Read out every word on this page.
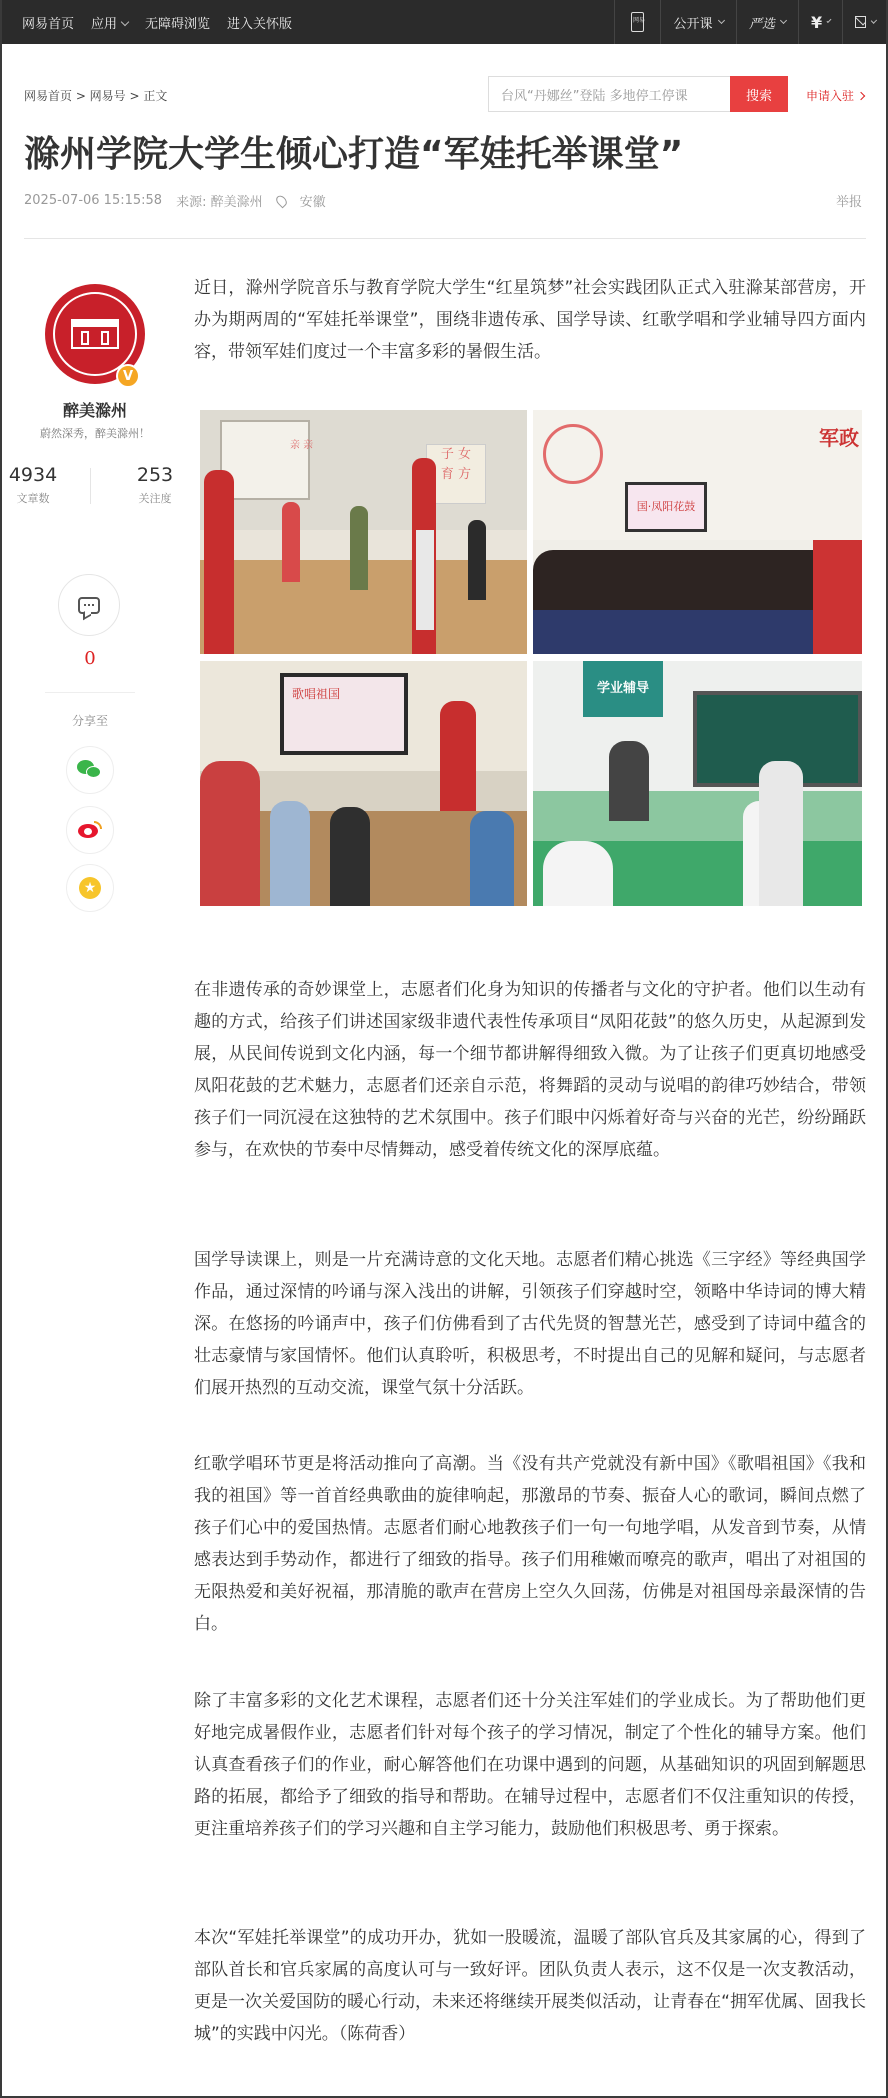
网易首页 应用	无障碍浏览 进入关怀版	网易 公开课	严选 ¥
网易首页 > 网易号 > 正文	台风“丹娜丝”登陆 多地停工停课	搜索	申请入驻
滁州学院大学生倾心打造“军娃托举课堂”
2025-07-06 15:15:58 来源: 醉美滁州	安徽	举报
V
醉美滁州
蔚然深秀，醉美滁州！
4934
文章数
253
关注度
0
分享至
★
子 女
育 方
亲 亲
国·凤阳花鼓
军政
歌唱祖国	学业辅导
近日，滁州学院音乐与教育学院大学生“红星筑梦”社会实践团队正式入驻滁某部营房，开办为期两周的“军娃托举课堂”，围绕非遗传承、国学导读、红歌学唱和学业辅导四方面内容，带领军娃们度过一个丰富多彩的暑假生活。
在非遗传承的奇妙课堂上，志愿者们化身为知识的传播者与文化的守护者。他们以生动有趣的方式，给孩子们讲述国家级非遗代表性传承项目“凤阳花鼓”的悠久历史，从起源到发展，从民间传说到文化内涵，每一个细节都讲解得细致入微。为了让孩子们更真切地感受凤阳花鼓的艺术魅力，志愿者们还亲自示范，将舞蹈的灵动与说唱的韵律巧妙结合，带领孩子们一同沉浸在这独特的艺术氛围中。孩子们眼中闪烁着好奇与兴奋的光芒，纷纷踊跃参与，在欢快的节奏中尽情舞动，感受着传统文化的深厚底蕴。
国学导读课上，则是一片充满诗意的文化天地。志愿者们精心挑选《三字经》等经典国学作品，通过深情的吟诵与深入浅出的讲解，引领孩子们穿越时空，领略中华诗词的博大精深。在悠扬的吟诵声中，孩子们仿佛看到了古代先贤的智慧光芒，感受到了诗词中蕴含的壮志豪情与家国情怀。他们认真聆听，积极思考，不时提出自己的见解和疑问，与志愿者们展开热烈的互动交流，课堂气氛十分活跃。
红歌学唱环节更是将活动推向了高潮。当《没有共产党就没有新中国》《歌唱祖国》《我和我的祖国》等一首首经典歌曲的旋律响起，那激昂的节奏、振奋人心的歌词，瞬间点燃了孩子们心中的爱国热情。志愿者们耐心地教孩子们一句一句地学唱，从发音到节奏，从情感表达到手势动作，都进行了细致的指导。孩子们用稚嫩而嘹亮的歌声，唱出了对祖国的无限热爱和美好祝福，那清脆的歌声在营房上空久久回荡，仿佛是对祖国母亲最深情的告白。
除了丰富多彩的文化艺术课程，志愿者们还十分关注军娃们的学业成长。为了帮助他们更好地完成暑假作业，志愿者们针对每个孩子的学习情况，制定了个性化的辅导方案。他们认真查看孩子们的作业，耐心解答他们在功课中遇到的问题，从基础知识的巩固到解题思路的拓展，都给予了细致的指导和帮助。在辅导过程中，志愿者们不仅注重知识的传授，更注重培养孩子们的学习兴趣和自主学习能力，鼓励他们积极思考、勇于探索。
本次“军娃托举课堂”的成功开办，犹如一股暖流，温暖了部队官兵及其家属的心，得到了部队首长和官兵家属的高度认可与一致好评。团队负责人表示，这不仅是一次支教活动，更是一次关爱国防的暖心行动，未来还将继续开展类似活动，让青春在“拥军优属、固我长城”的实践中闪光。（陈荷香）
